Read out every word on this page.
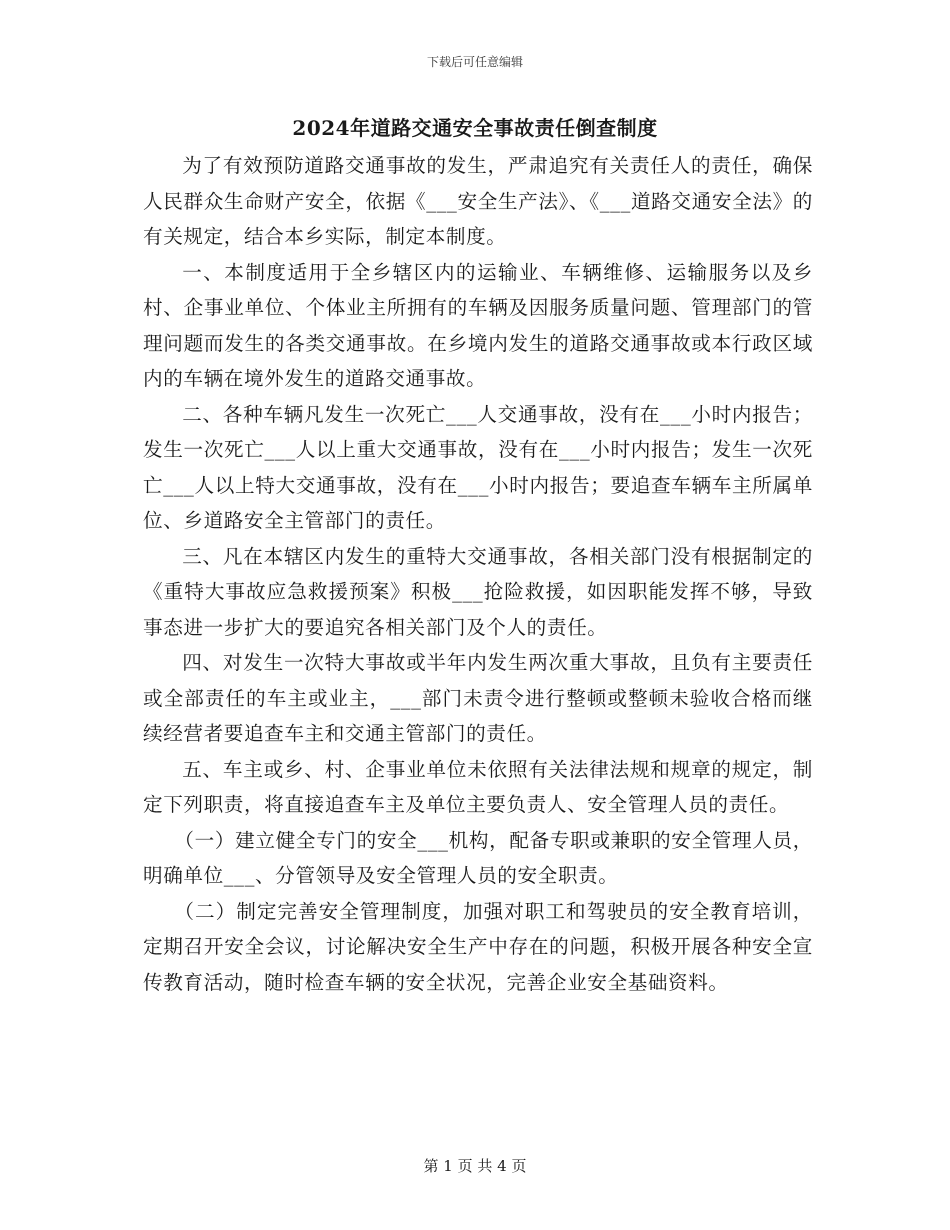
下载后可任意编辑
2024年道路交通安全事故责任倒查制度

为了有效预防道路交通事故的发生，严肃追究有关责任人的责任，确保人民群众生命财产安全，依据《___安全生产法》、《___道路交通安全法》的有关规定，结合本乡实际，制定本制度。

一、本制度适用于全乡辖区内的运输业、车辆维修、运输服务以及乡村、企事业单位、个体业主所拥有的车辆及因服务质量问题、管理部门的管理问题而发生的各类交通事故。在乡境内发生的道路交通事故或本行政区域内的车辆在境外发生的道路交通事故。

二、各种车辆凡发生一次死亡___人交通事故，没有在___小时内报告；发生一次死亡___人以上重大交通事故，没有在___小时内报告；发生一次死亡___人以上特大交通事故，没有在___小时内报告；要追查车辆车主所属单位、乡道路安全主管部门的责任。

三、凡在本辖区内发生的重特大交通事故，各相关部门没有根据制定的《重特大事故应急救援预案》积极___抢险救援，如因职能发挥不够，导致事态进一步扩大的要追究各相关部门及个人的责任。

四、对发生一次特大事故或半年内发生两次重大事故，且负有主要责任或全部责任的车主或业主，___部门未责令进行整顿或整顿未验收合格而继续经营者要追查车主和交通主管部门的责任。

五、车主或乡、村、企事业单位未依照有关法律法规和规章的规定，制定下列职责，将直接追查车主及单位主要负责人、安全管理人员的责任。

（一）建立健全专门的安全___机构，配备专职或兼职的安全管理人员，明确单位___、分管领导及安全管理人员的安全职责。

（二）制定完善安全管理制度，加强对职工和驾驶员的安全教育培训，定期召开安全会议，讨论解决安全生产中存在的问题，积极开展各种安全宣传教育活动，随时检查车辆的安全状况，完善企业安全基础资料。

第 1 页 共 4 页
